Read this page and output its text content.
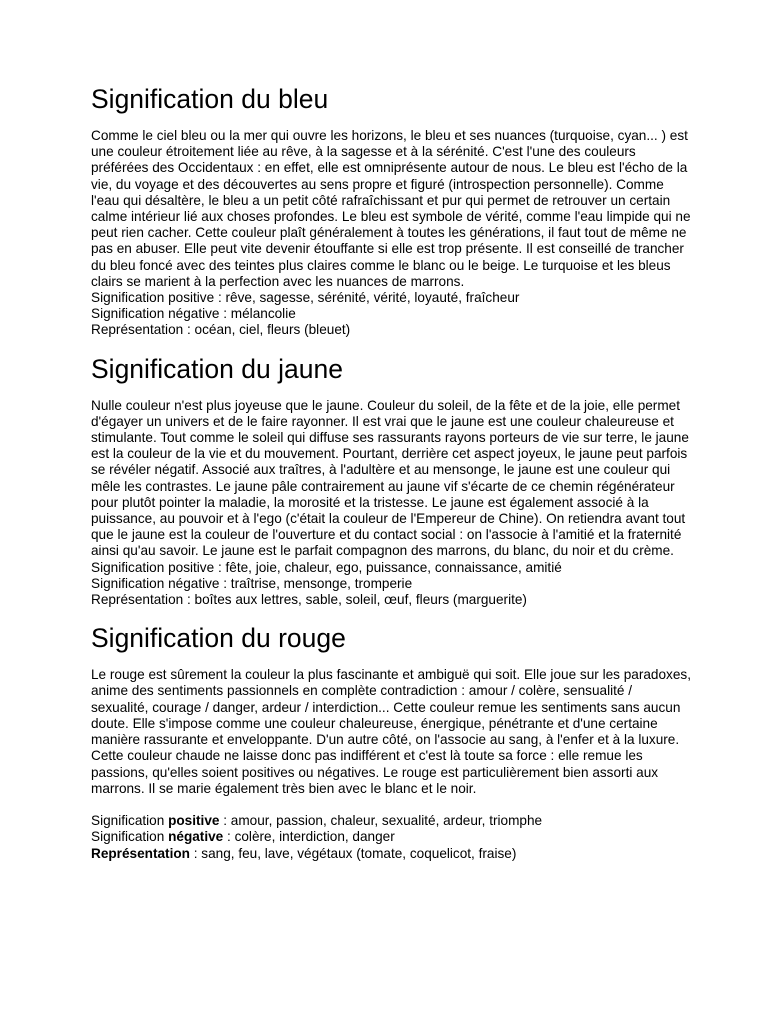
Signification du bleu

Comme le ciel bleu ou la mer qui ouvre les horizons, le bleu et ses nuances (turquoise, cyan... ) est une couleur étroitement liée au rêve, à la sagesse et à la sérénité. C'est l'une des couleurs préférées des Occidentaux : en effet, elle est omniprésente autour de nous. Le bleu est l'écho de la vie, du voyage et des découvertes au sens propre et figuré (introspection personnelle). Comme l'eau qui désaltère, le bleu a un petit côté rafraîchissant et pur qui permet de retrouver un certain calme intérieur lié aux choses profondes. Le bleu est symbole de vérité, comme l'eau limpide qui ne peut rien cacher. Cette couleur plaît généralement à toutes les générations, il faut tout de même ne pas en abuser. Elle peut vite devenir étouffante si elle est trop présente. Il est conseillé de trancher du bleu foncé avec des teintes plus claires comme le blanc ou le beige. Le turquoise et les bleus clairs se marient à la perfection avec les nuances de marrons.

Signification positive : rêve, sagesse, sérénité, vérité, loyauté, fraîcheur

Signification négative : mélancolie

Représentation : océan, ciel, fleurs (bleuet)

Signification du jaune

Nulle couleur n'est plus joyeuse que le jaune. Couleur du soleil, de la fête et de la joie, elle permet d'égayer un univers et de le faire rayonner. Il est vrai que le jaune est une couleur chaleureuse et stimulante. Tout comme le soleil qui diffuse ses rassurants rayons porteurs de vie sur terre, le jaune est la couleur de la vie et du mouvement. Pourtant, derrière cet aspect joyeux, le jaune peut parfois se révéler négatif. Associé aux traîtres, à l'adultère et au mensonge, le jaune est une couleur qui mêle les contrastes. Le jaune pâle contrairement au jaune vif s'écarte de ce chemin régénérateur pour plutôt pointer la maladie, la morosité et la tristesse. Le jaune est également associé à la puissance, au pouvoir et à l'ego (c'était la couleur de l'Empereur de Chine). On retiendra avant tout que le jaune est la couleur de l'ouverture et du contact social : on l'associe à l'amitié et la fraternité ainsi qu'au savoir. Le jaune est le parfait compagnon des marrons, du blanc, du noir et du crème.

Signification positive : fête, joie, chaleur, ego, puissance, connaissance, amitié

Signification négative : traîtrise, mensonge, tromperie

Représentation : boîtes aux lettres, sable, soleil, œuf, fleurs (marguerite)

Signification du rouge

Le rouge est sûrement la couleur la plus fascinante et ambiguë qui soit. Elle joue sur les paradoxes, anime des sentiments passionnels en complète contradiction : amour / colère, sensualité / sexualité, courage / danger, ardeur / interdiction... Cette couleur remue les sentiments sans aucun doute. Elle s'impose comme une couleur chaleureuse, énergique, pénétrante et d'une certaine manière rassurante et enveloppante. D'un autre côté, on l'associe au sang, à l'enfer et à la luxure. Cette couleur chaude ne laisse donc pas indifférent et c'est là toute sa force : elle remue les passions, qu'elles soient positives ou négatives. Le rouge est particulièrement bien assorti aux marrons. Il se marie également très bien avec le blanc et le noir.

Signification positive : amour, passion, chaleur, sexualité, ardeur, triomphe

Signification négative : colère, interdiction, danger

Représentation : sang, feu, lave, végétaux (tomate, coquelicot, fraise)
